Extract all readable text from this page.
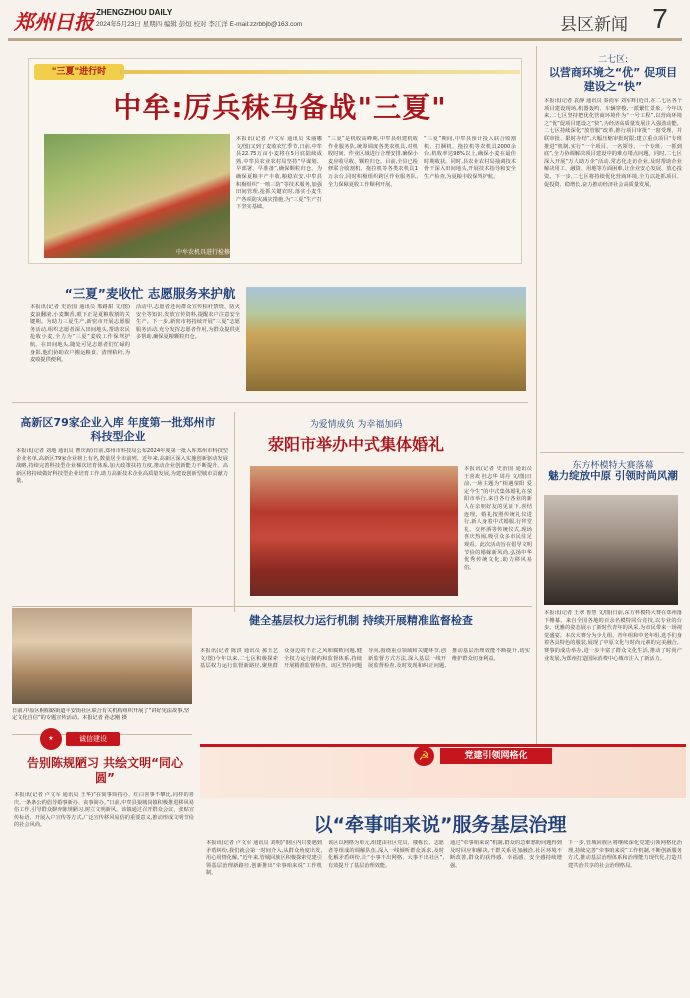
郑州日报 ZHENGZHOU DAILY
2024年5月23日 星期四 编辑 彭烜 校对 李江洋 E-mail:zzrbbjb@163.com	县区新闻 7
"三夏"进行时
中牟:厉兵秣马备战"三夏"
中牟农机具进行检修
本报讯(记者 卢文军 通讯员 朱丽娜 文/图)又到了麦收农忙季节,日前,中牟县22.75万亩小麦将在5月底陆续成熟,中牟县农业农村局坚持“早谋划、早部署、早准备”,确保颗粒归仓。为确保夏粮丰产丰收,粮稳农安,中牟县积极组织“一喷三防”等技术服务,加强田间管理,抢抓关键农时,落实小麦生产各项防灾减灾措施,为“三夏”生产打下坚实基础。
“三夏”是机收高峰期,中牟县组建机收作业服务队,统筹调度各类农机具,对机收时间、作业区域进行合理安排,确保小麦应收尽收、颗粒归仓。目前,全县已检修联合收割机、拖拉机等各类农机具1万余台,同时积极组织跨区作业服务队,全力保障夏收工作顺利开展。
“三夏”期间,中牟县预计投入联合收割机、打捆机、拖拉机等农机具2000余台,机收率达98%以上,确保小麦在最佳时期收获。同时,县农业农村局抽调技术骨干深入田间地头,开展技术指导和安全生产检查,为夏粮丰收保驾护航。
“三夏”麦收忙 志愿服务来护航
本报讯(记者 史治国 通讯员 邢路甜 文/图)麦浪翻滚,小麦飘香,眼下正是夏粮收割的关键期。为助力三夏生产,新密市开展志愿服务活动,组织志愿者深入田间地头,帮助农民抢收小麦,全力为“三夏”麦收工作保驾护航。在田间地头,随处可见志愿者们忙碌的身影,他们协助农户搬运粮食、清理秸秆,为麦收提供便利。
活动中,志愿者还向群众宣传秸秆禁烧、防火安全等知识,发放宣传资料,提醒农户注意安全生产。下一步,新密市将持续开展“三夏”志愿服务活动,充分发挥志愿者作用,为群众提供更多帮助,确保夏粮颗粒归仓。
高新区79家企业入库 年度第一批郑州市科技型企业
本报讯(记者 刘地 通讯员 曹庆海)日前,郑州市科技局公布2024年度第一批入库郑州市科技型企业名单,高新区79家企业榜上有名,数量居全市前列。近年来,高新区深入实施创新驱动发展战略,持续完善科技型企业梯次培育体系,加大政策扶持力度,推动企业创新能力不断提升。高新区将持续做好科技型企业培育工作,助力高新技术企业高质量发展,为建设创新型城市贡献力量。
为爱情成负 为幸福加码
荥阳市举办中式集体婚礼
本报讯(记者 史治国 通讯员 王喜欢 杜志华 周丹 文/图)日前,一场主题为“相遇荥阳 爱定今生”的中式集体婚礼在荥阳市举行,来自各行各业的新人在亲朋好友的见证下,喜结连理。婚礼按照传统礼仪进行,新人身着中式婚服,行拜堂礼、交杯酒等传统仪式,现场喜庆热闹,吸引众多市民驻足观看。此次活动旨在倡导文明节俭的婚嫁新风尚,弘扬中华优秀传统文化,助力移风易俗。
二七区:
以营商环境之“优” 促项目建设之“快”
本报讯(记者 袁静 通讯员 秦尚军 刘军辉)近日,在二七区各个项目建设现场,机器轰鸣、车辆穿梭,一派繁忙景象。今年以来,二七区坚持把优化营商环境作为“一号工程”,以营商环境之“优”促项目建设之“快”,为经济高质量发展注入强劲动能。二七区持续深化“放管服”改革,推行项目审批“一窗受理、并联审批、限时办结”,大幅压缩审批时限;建立重点项目“专班推进”机制,实行“一个项目、一名领导、一个专班、一抓到底”,全力协调解决项目建设中的难点堵点问题。同时,二七区深入开展“万人助万企”活动,常态化走访企业,及时帮助企业解决用工、融资、用地等方面困难,让企业安心发展、放心投资。下一步,二七区将持续优化营商环境,全力以赴抓项目、促投资、稳增长,奋力推动经济社会高质量发展。
东方杯模特大赛落幕
魅力绽放中原 引领时尚风潮
本报讯(记者 王翠 鲁慧 文/图)日前,东方杯模特大赛在郑州落下帷幕。来自全国各地的百余名模特同台竞技,以专业的台步、优雅的姿态展示了新时代青年的风采,为市民带来一场视觉盛宴。本次大赛分为少儿组、青年组和中老年组,选手们身着各具特色的服装,展现了中原文化与时尚元素的完美融合。赛事的成功举办,进一步丰富了群众文化生活,推动了时尚产业发展,为郑州打造国际消费中心城市注入了新活力。
日前,中原区桐柏路街道平安街社区联合有关机构组织开展了“讲好宪法故事,坚定文化自信”的专题宣传活动。本报记者 孙志刚 摄
健全基层权力运行机制 持续开展精准监督检查
本报讯(记者 陈洪 通讯员 郝玉艺 文/图)今年以来,二七区积极探索基层权力运行监督新路径,聚焦群众身边的不正之风和腐败问题,健全权力运行制约和监督体系,持续开展精准监督检查。该区坚持问题导向,围绕重点领域和关键环节,创新监督方式方法,深入基层一线开展监督检查,及时发现和纠正问题,推动基层治理效能不断提升,切实维护群众切身利益。
★	诚信建设
告别陈规陋习 共绘文明“同心圆”
本报讯(记者 卢文军 通讯员 王华)“在简事简持办、红白喜事不攀比,同样的喜庆,一条条公约倡导婚事新办、丧事简办。”日前,中牟县狼城岗镇积极推进移风易俗工作,引导群众摒弃陈规陋习,树立文明新风。该镇通过召开群众会议、张贴宣传标语、开展入户宣传等方式,广泛宣传移风易俗的重要意义,推动形成文明节俭的社会风尚。
☭	党建引领网格化
以“牵事咱来说”服务基层治理
本报讯(记者 卢文军 通讯员 刘明)“钢区内只要遇到矛盾纠纷,我们就会第一时间介入,从群众角度出发,用心用情化解。”近年来,管城回族区积极探索党建引领基层治理新路径,创新推出“牵事咱来说”工作机制。
该区以网格为单元,组建由社区党员、楼栋长、志愿者等组成的调解队伍,深入一线倾听群众诉求,及时化解矛盾纠纷,让“小事不出网格、大事不出社区”,有效提升了基层治理效能。
通过“牵事咱来说”机制,群众的急难愁盼问题得到及时回应和解决,干群关系更加融洽,社区环境不断改善,群众的获得感、幸福感、安全感持续增强。
下一步,管城回族区将继续深化党建引领网格化治理,持续完善“牵事咱来说”工作机制,不断创新服务方式,推动基层治理体系和治理能力现代化,打造共建共治共享的社会治理格局。
